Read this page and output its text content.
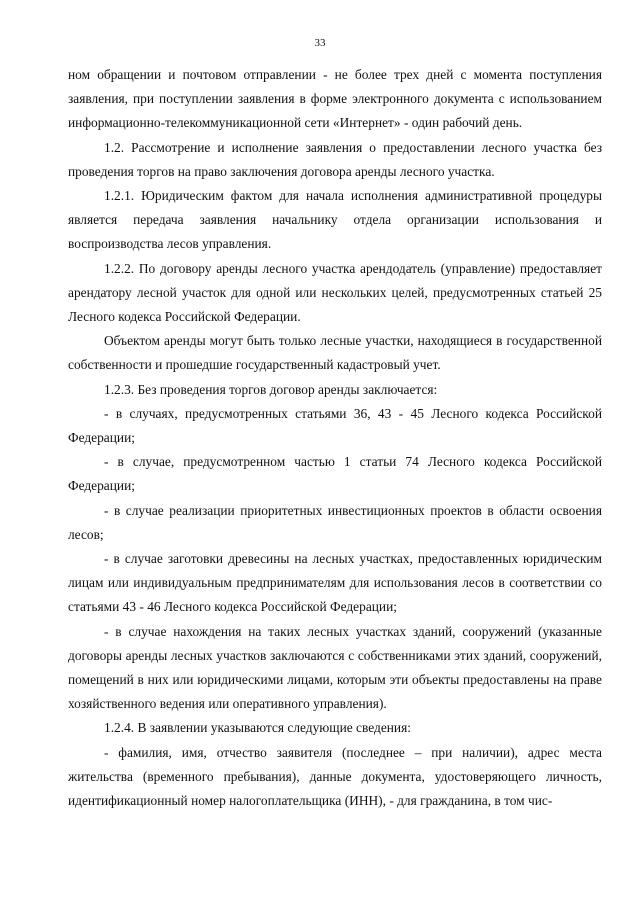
33

ном обращении и почтовом отправлении - не более трех дней с момента поступления заявления, при поступлении заявления в форме электронного документа с использованием информационно-телекоммуникационной сети «Интернет» - один рабочий день.

1.2. Рассмотрение и исполнение заявления о предоставлении лесного участка без проведения торгов на право заключения договора аренды лесного участка.

1.2.1. Юридическим фактом для начала исполнения административной процедуры является передача заявления начальнику отдела организации использования и воспроизводства лесов управления.

1.2.2. По договору аренды лесного участка арендодатель (управление) предоставляет арендатору лесной участок для одной или нескольких целей, предусмотренных статьей 25 Лесного кодекса Российской Федерации.

Объектом аренды могут быть только лесные участки, находящиеся в государственной собственности и прошедшие государственный кадастровый учет.

1.2.3. Без проведения торгов договор аренды заключается:

- в случаях, предусмотренных статьями 36, 43 - 45 Лесного кодекса Российской Федерации;

- в случае, предусмотренном частью 1 статьи 74 Лесного кодекса Российской Федерации;

- в случае реализации приоритетных инвестиционных проектов в области освоения лесов;

- в случае заготовки древесины на лесных участках, предоставленных юридическим лицам или индивидуальным предпринимателям для использования лесов в соответствии со статьями 43 - 46 Лесного кодекса Российской Федерации;

- в случае нахождения на таких лесных участках зданий, сооружений (указанные договоры аренды лесных участков заключаются с собственниками этих зданий, сооружений, помещений в них или юридическими лицами, которым эти объекты предоставлены на праве хозяйственного ведения или оперативного управления).

1.2.4. В заявлении указываются следующие сведения:

- фамилия, имя, отчество заявителя (последнее – при наличии), адрес места жительства (временного пребывания), данные документа, удостоверяющего личность, идентификационный номер налогоплательщика (ИНН), - для гражданина, в том чис-
